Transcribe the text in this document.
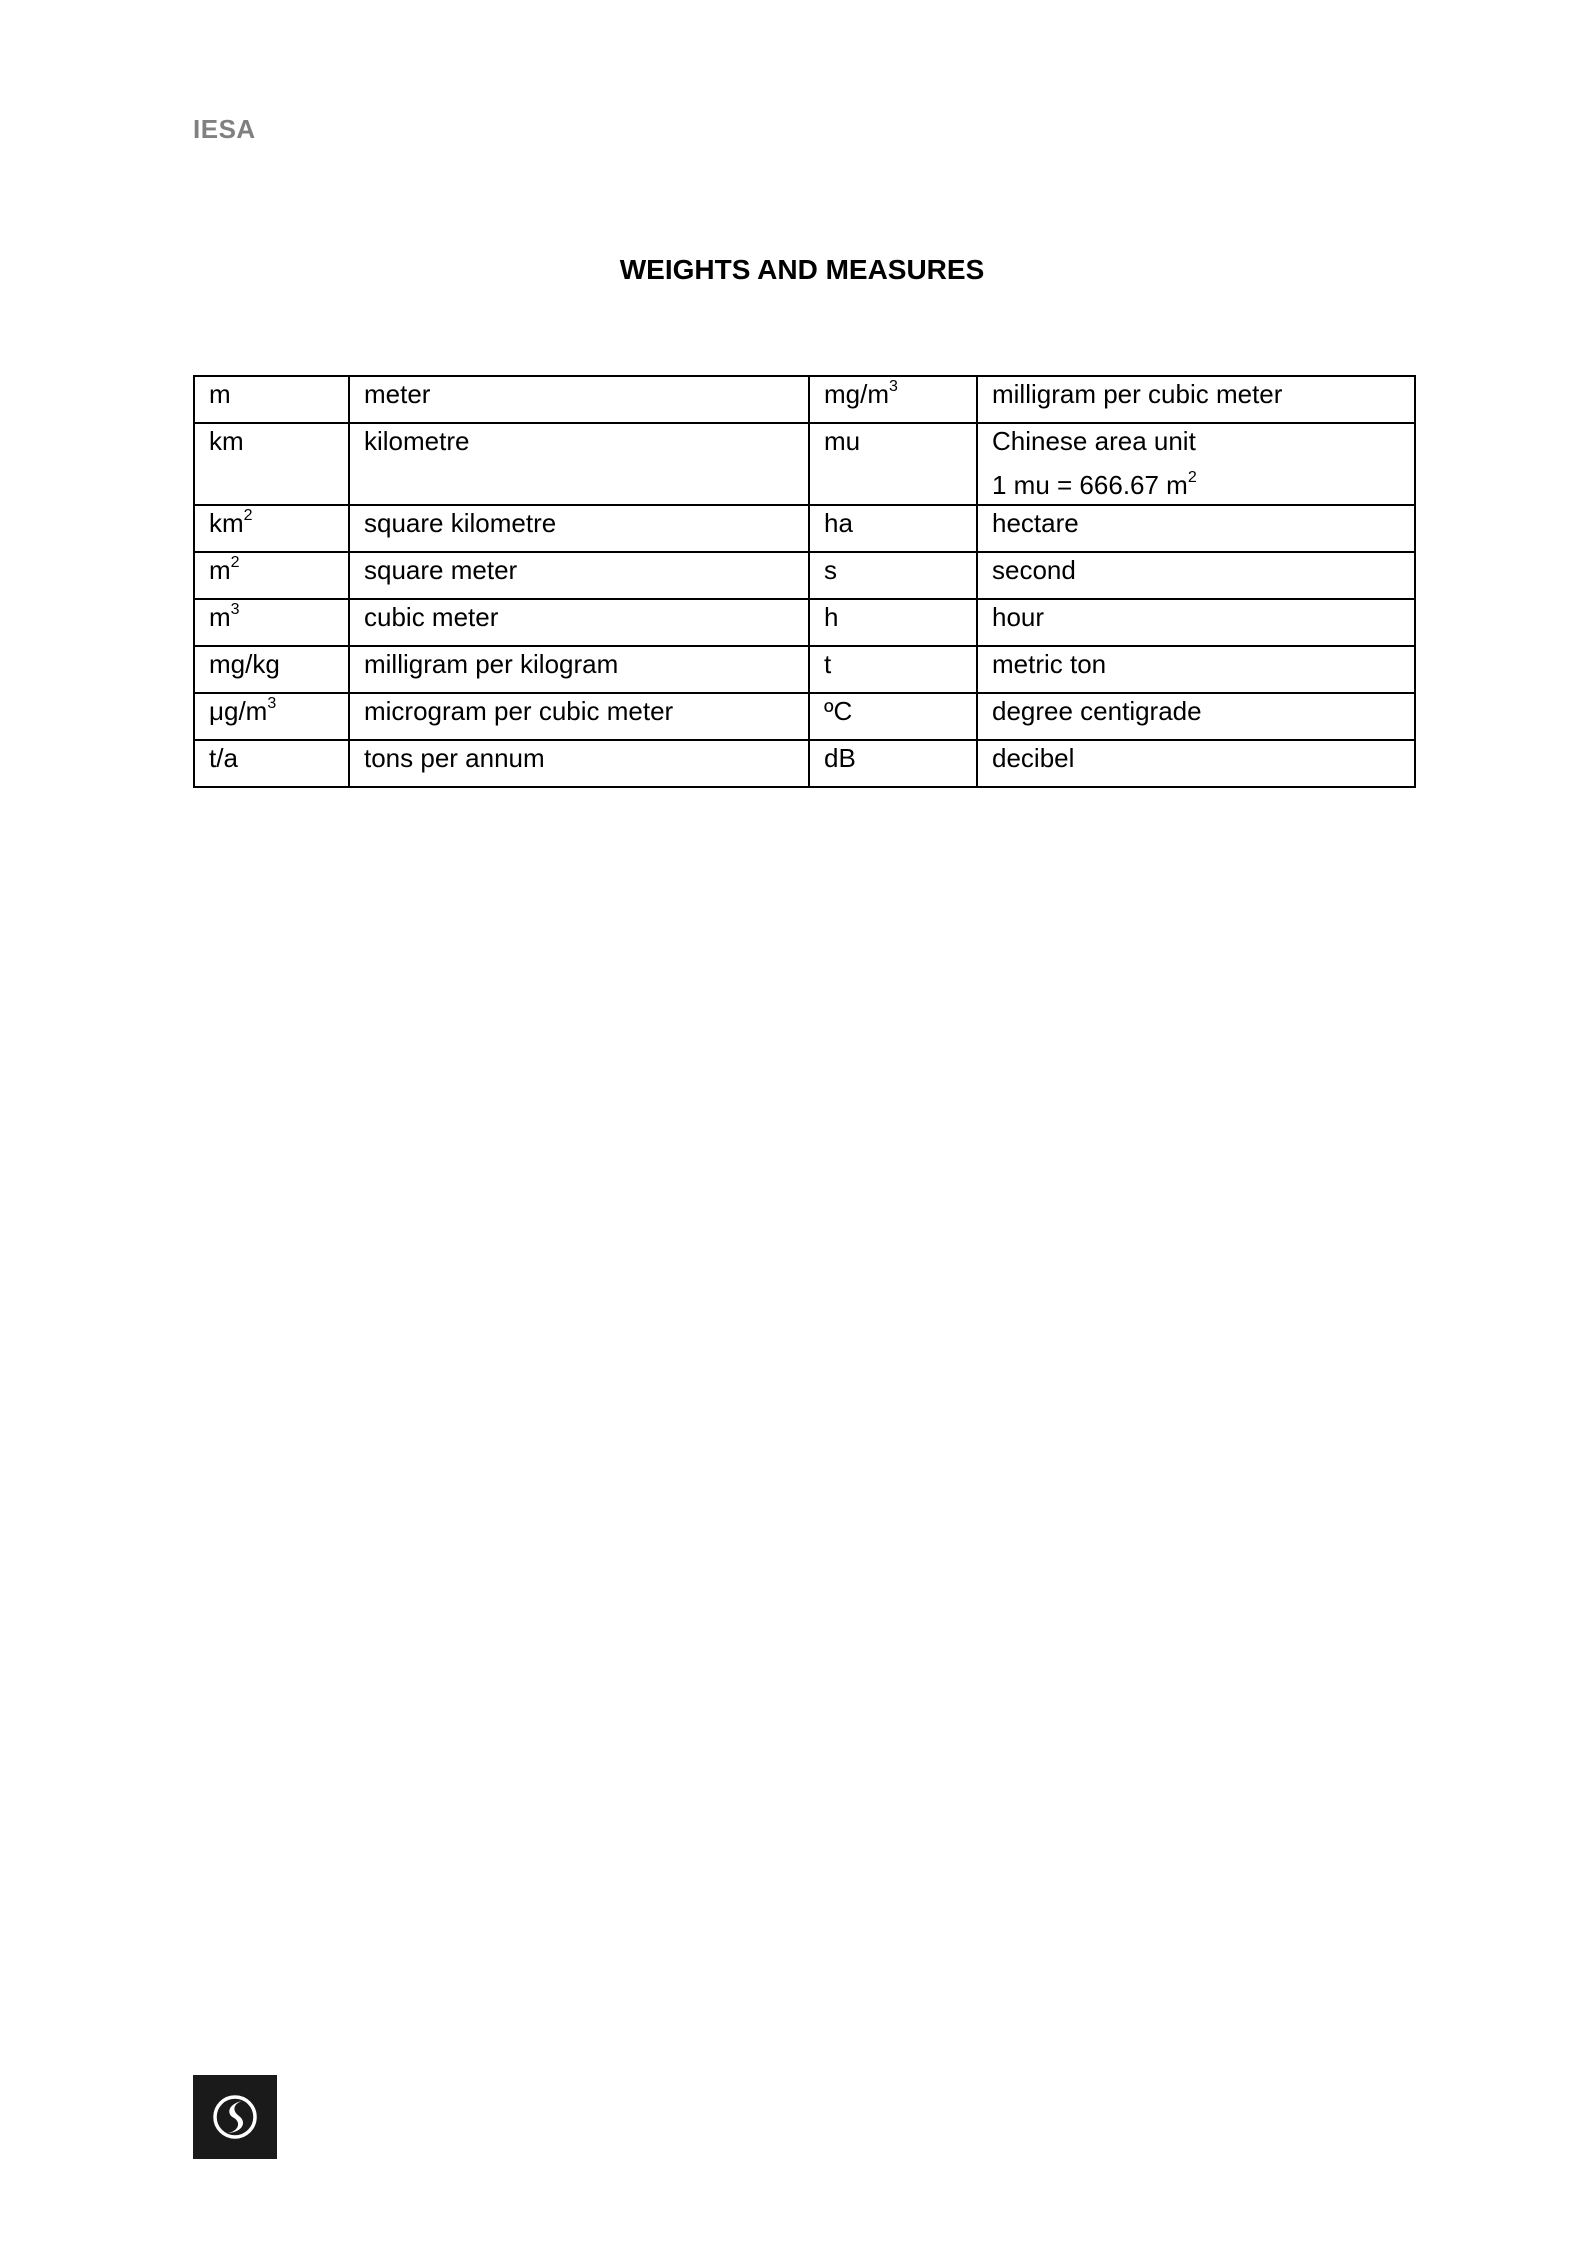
IESA
WEIGHTS AND MEASURES
m	meter	$mg/m^3$	milligram per cubic meter
km	kilometre	mu	Chinese area unit
1 mu = 666.67 $m^2$

$km^2$	square kilometre	ha	hectare
$m^2$	square meter	s	second
$m^3$	cubic meter	h	hour
mg/kg	milligram per kilogram	t	metric ton
$\mu g/m^3$	microgram per cubic meter	ºC	degree centigrade
t/a	tons per annum	dB	decibel
